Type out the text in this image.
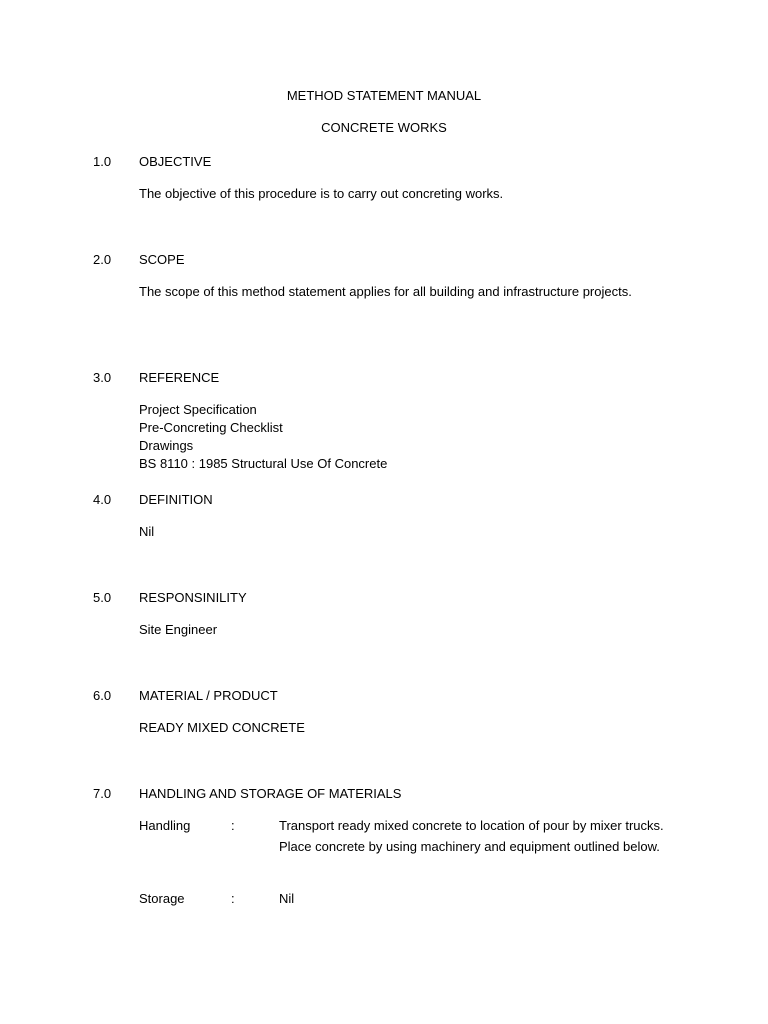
METHOD STATEMENT MANUAL
CONCRETE WORKS
1.0 OBJECTIVE
The objective of this procedure is to carry out concreting works.
2.0 SCOPE
The scope of this method statement applies for all building and infrastructure projects.
3.0 REFERENCE
Project Specification
Pre-Concreting Checklist
Drawings
BS 8110 : 1985 Structural Use Of Concrete
4.0 DEFINITION
Nil
5.0 RESPONSINILITY
Site Engineer
6.0 MATERIAL / PRODUCT
READY MIXED CONCRETE
7.0 HANDLING AND STORAGE OF MATERIALS
Handling	:	Transport ready mixed concrete to location of pour by mixer trucks. Place concrete by using machinery and equipment outlined below.
Storage	:	Nil
